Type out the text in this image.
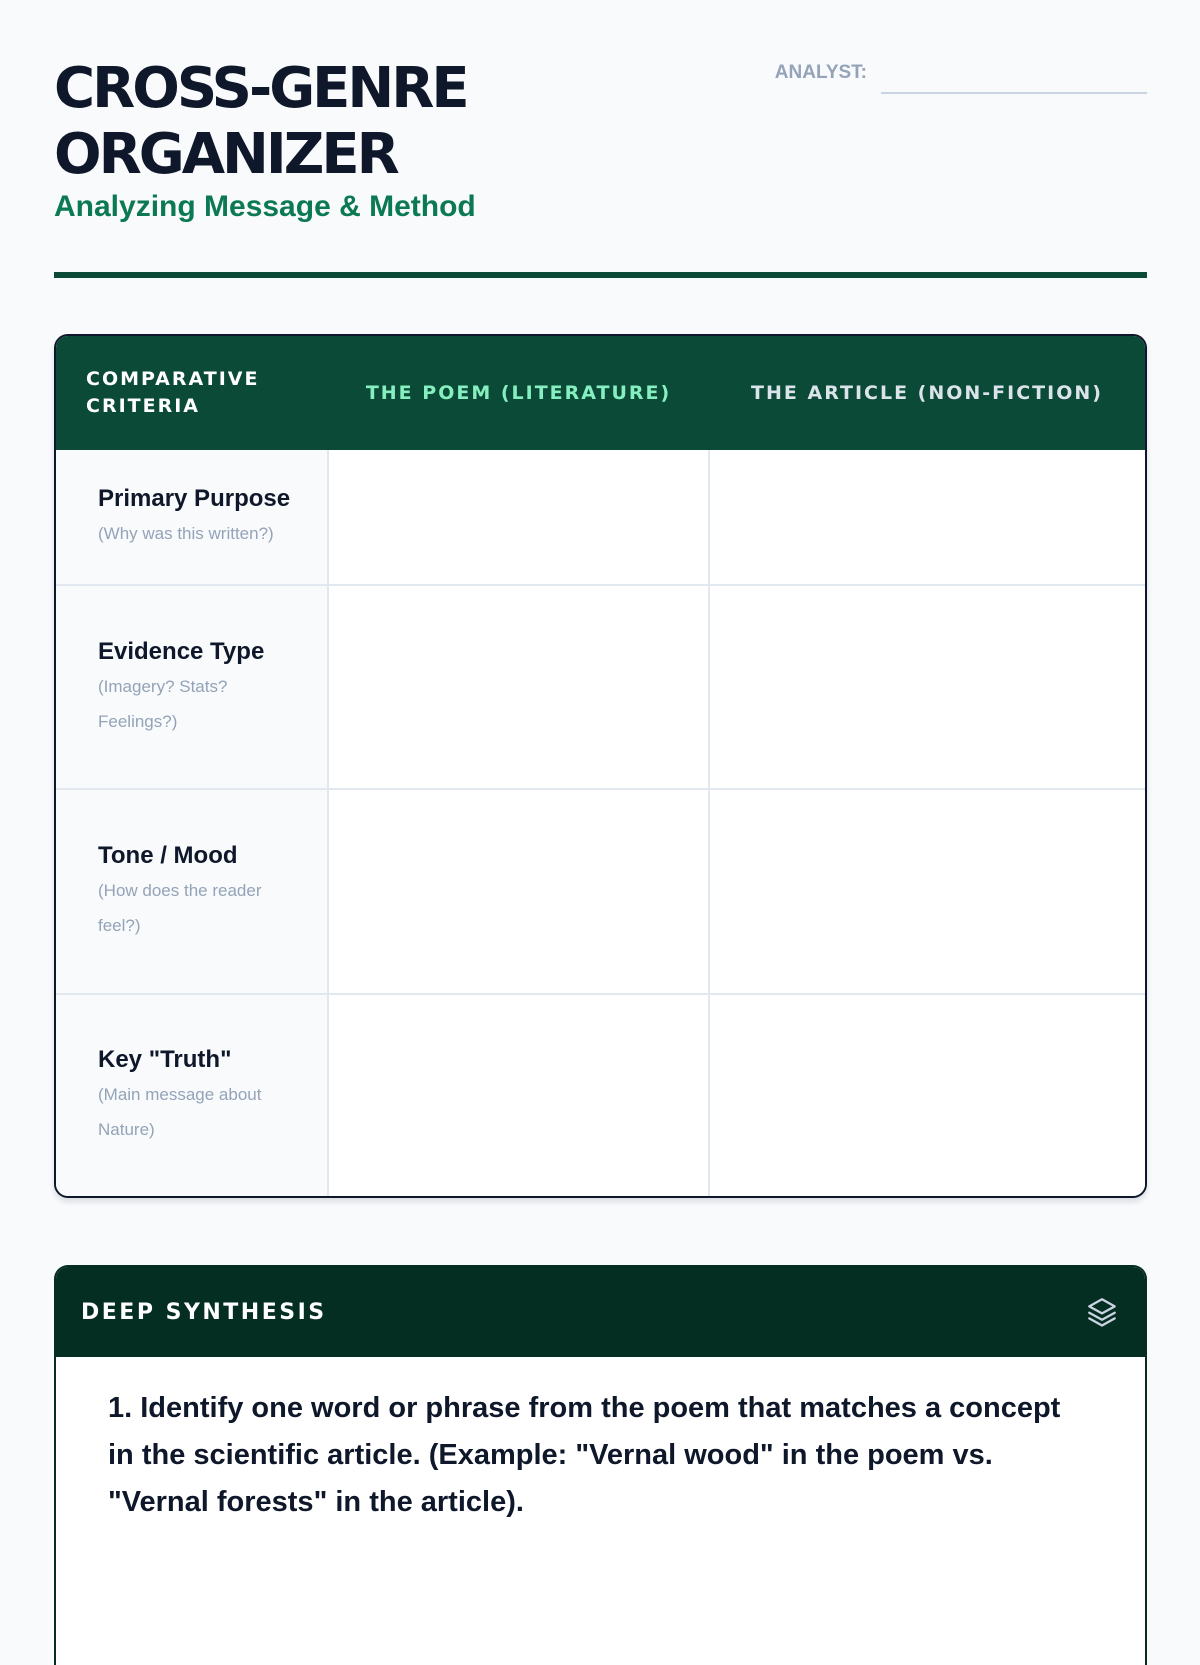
CROSS-GENRE
ORGANIZER
Analyzing Message & Method
ANALYST:
COMPARATIVE CRITERIA	THE POEM (LITERATURE)	THE ARTICLE (NON-FICTION)

Primary Purpose
(Why was this written?)		

Evidence Type
(Imagery? Stats? Feelings?)		

Tone / Mood
(How does the reader feel?)		

Key "Truth"
(Main message about Nature)		

DEEP SYNTHESIS

1. Identify one word or phrase from the poem that matches a concept in the scientific article. (Example: "Vernal wood" in the poem vs. "Vernal forests" in the article).
